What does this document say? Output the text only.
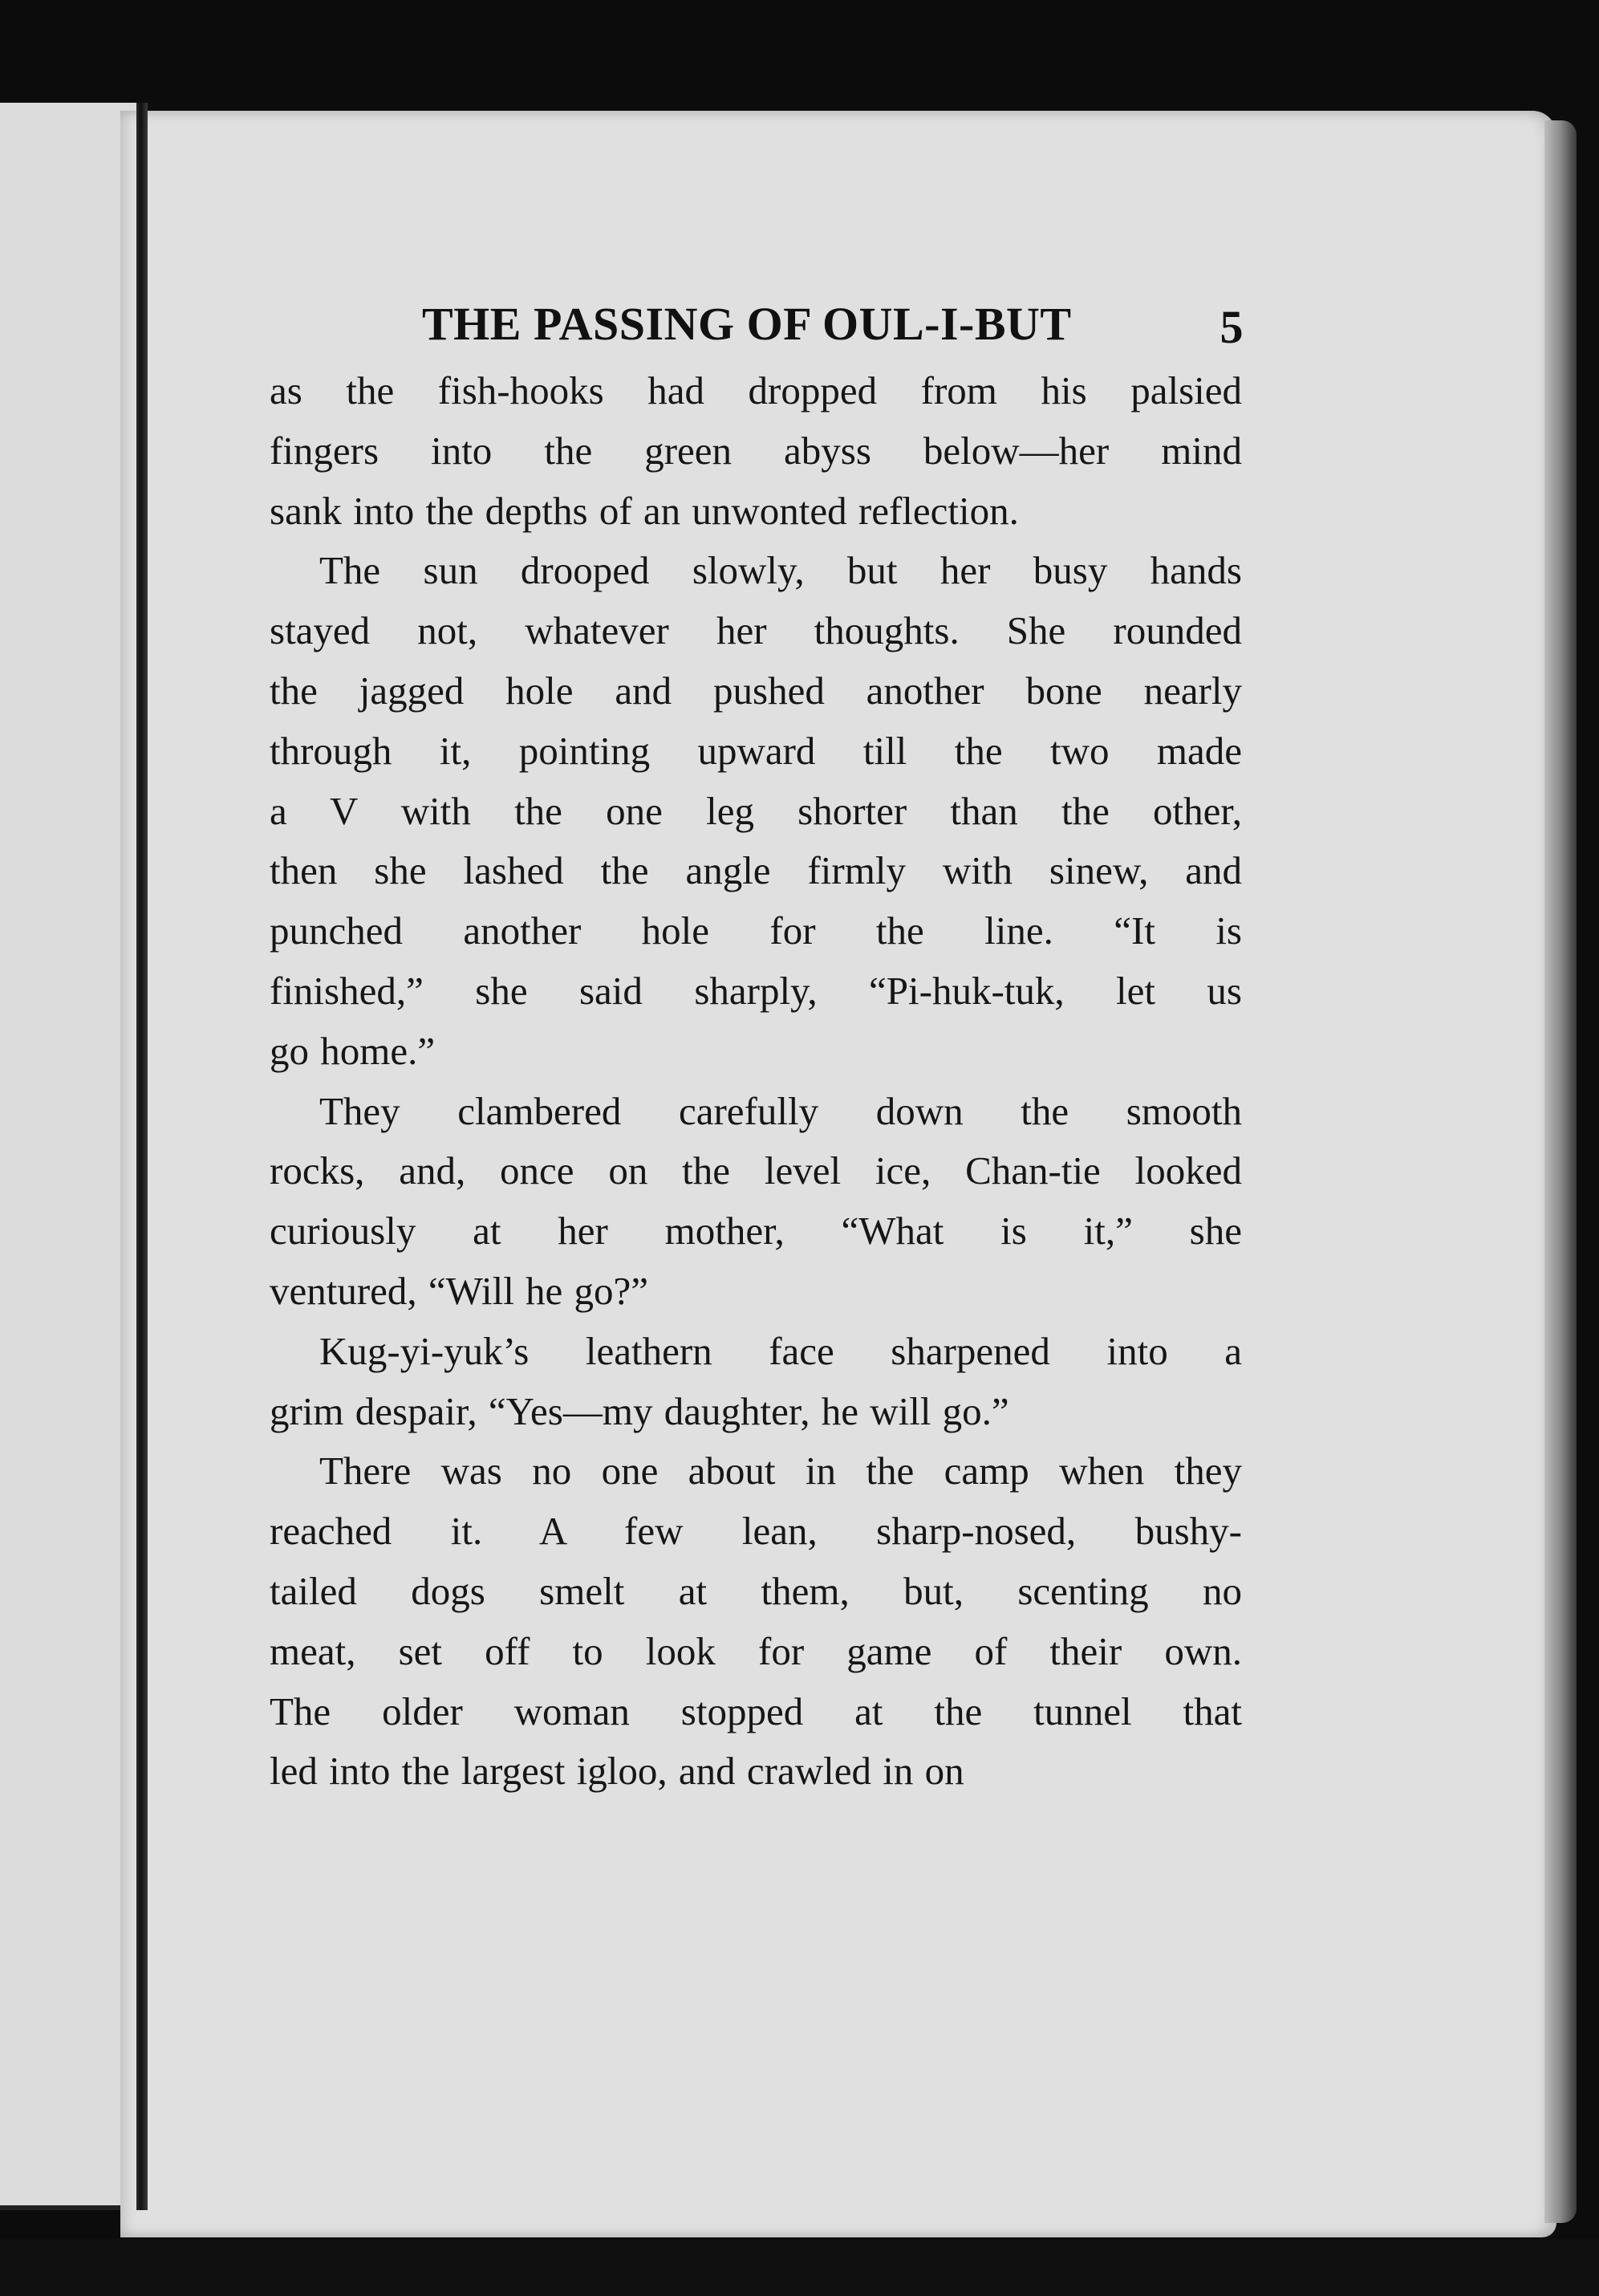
THE PASSING OF OUL-I-BUT	5

as the fish-hooks had dropped from his palsied
fingers into the green abyss below—her mind
sank into the depths of an unwonted reflection.

The sun drooped slowly, but her busy hands
stayed not, whatever her thoughts. She rounded
the jagged hole and pushed another bone nearly
through it, pointing upward till the two made
a V with the one leg shorter than the other,
then she lashed the angle firmly with sinew, and
punched another hole for the line. “It is
finished,” she said sharply, “Pi-huk-tuk, let us
go home.”

They clambered carefully down the smooth
rocks, and, once on the level ice, Chan-tie looked
curiously at her mother, “What is it,” she
ventured, “Will he go?”

Kug-yi-yuk’s leathern face sharpened into a
grim despair, “Yes—my daughter, he will go.”

There was no one about in the camp when they
reached it. A few lean, sharp-nosed, bushy-
tailed dogs smelt at them, but, scenting no
meat, set off to look for game of their own.
The older woman stopped at the tunnel that
led into the largest igloo, and crawled in on
